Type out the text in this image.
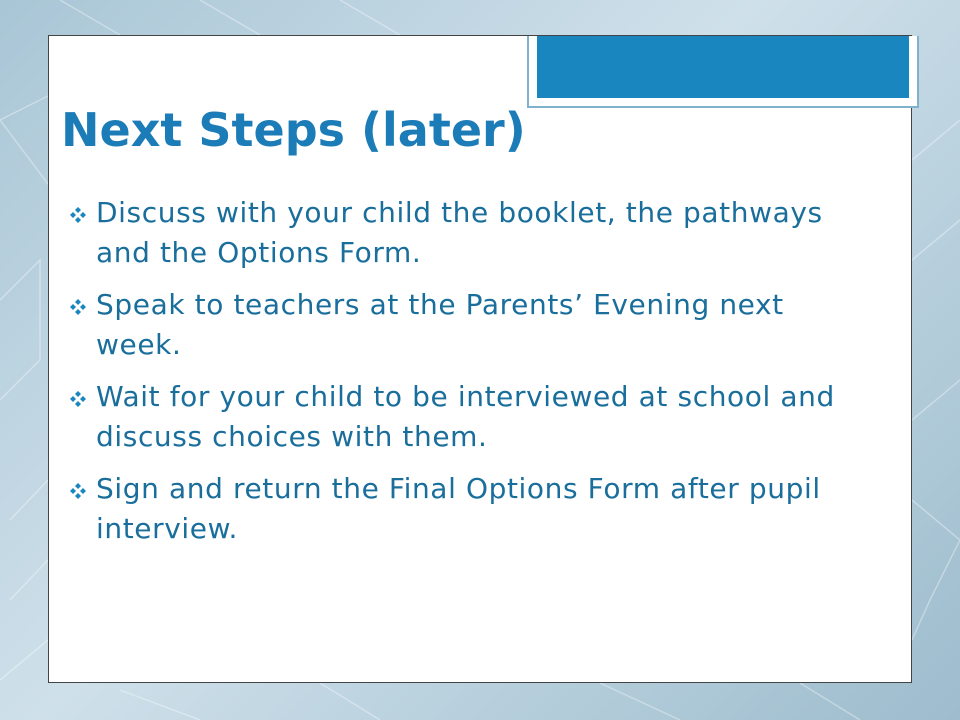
Next Steps (later)
Discuss with your child the booklet, the pathways and the Options Form.
Speak to teachers at the Parents’ Evening next week.
Wait for your child to be interviewed at school and discuss choices with them.
Sign and return the Final Options Form after pupil interview.
